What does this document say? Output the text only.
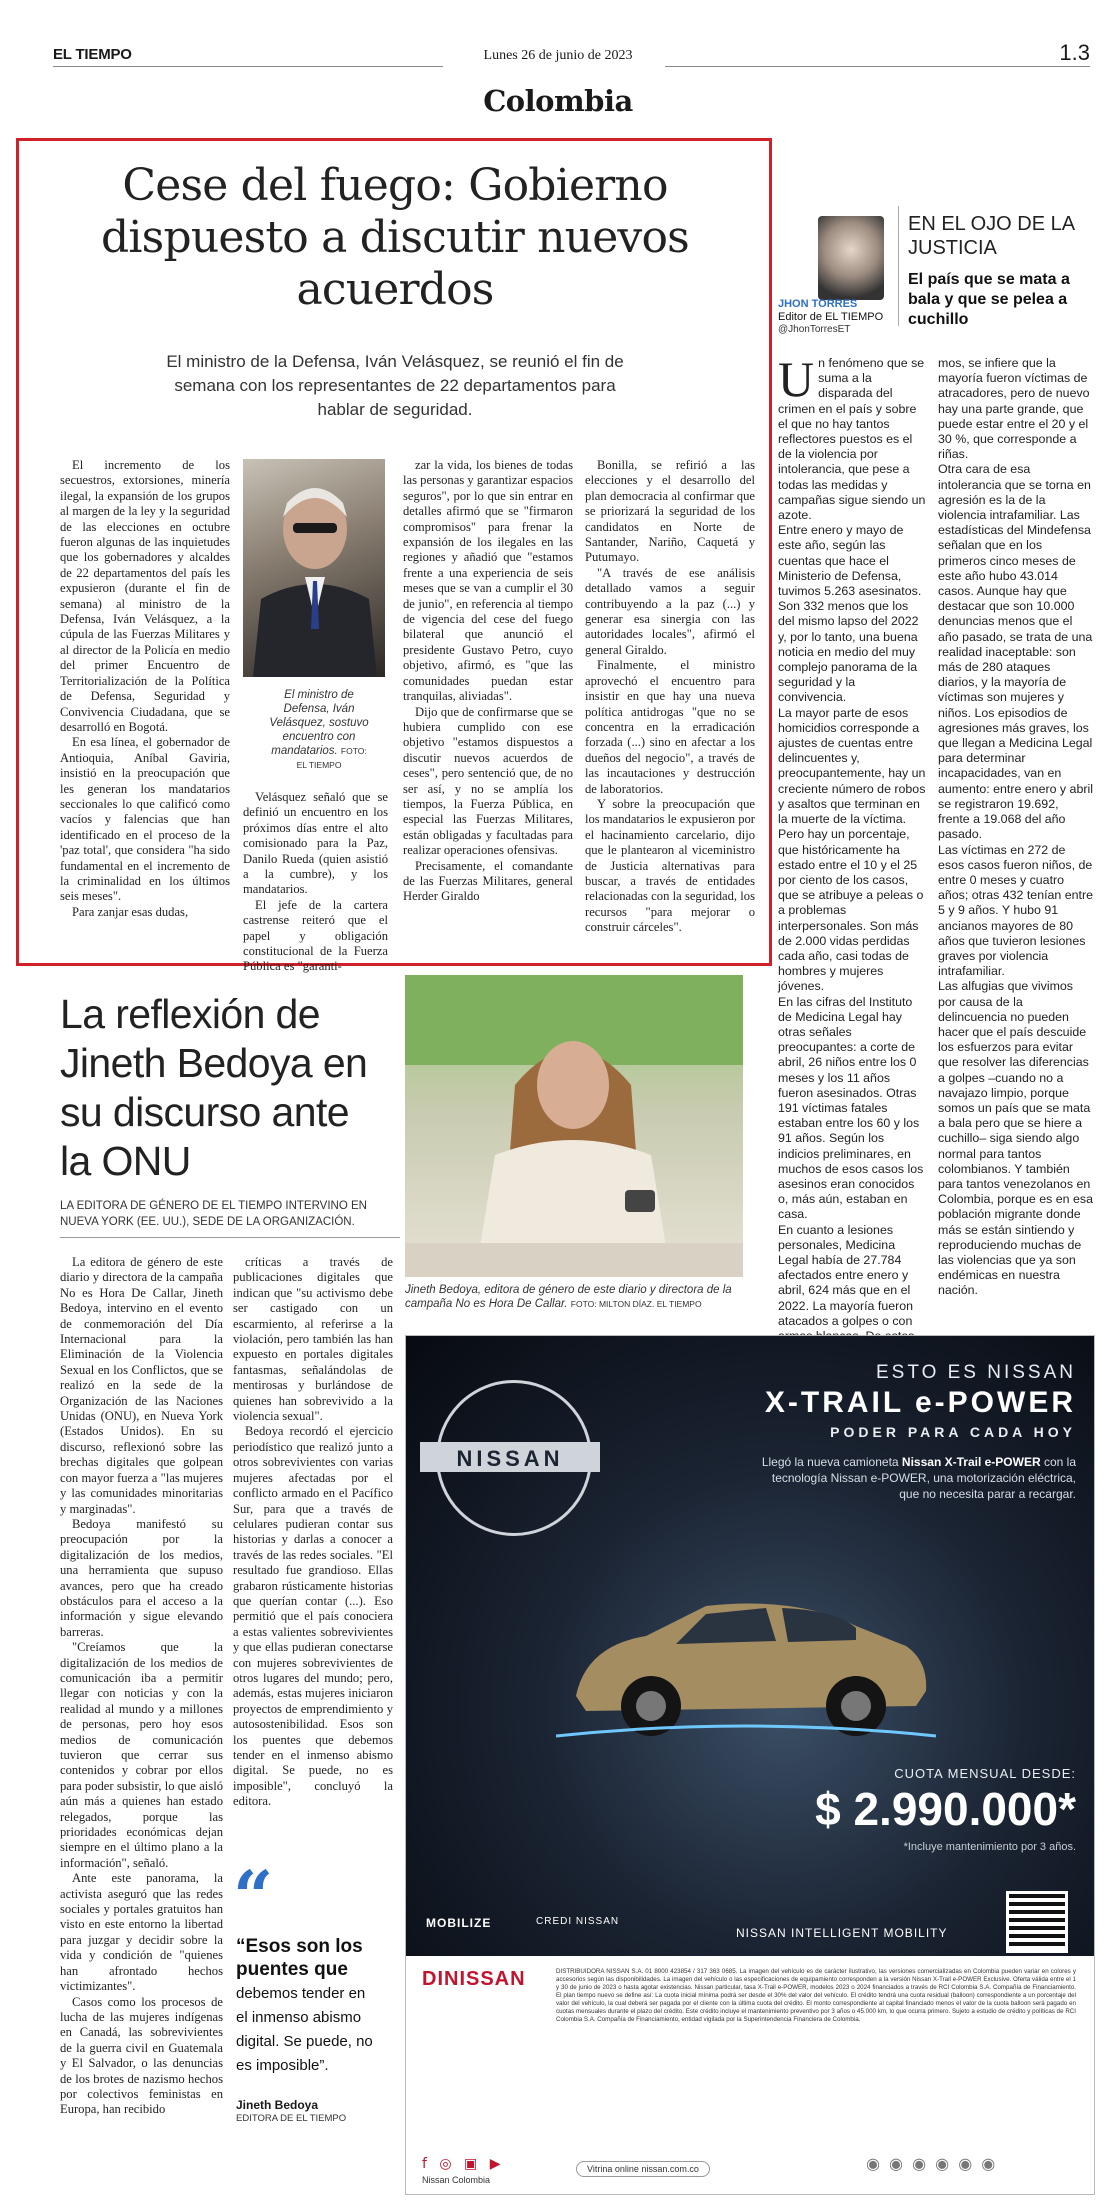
EL TIEMPO	Lunes 26 de junio de 2023	1.3
Colombia
Cese del fuego: Gobierno dispuesto a discutir nuevos acuerdos
El ministro de la Defensa, Iván Velásquez, se reunió el fin de semana con los representantes de 22 departamentos para hablar de seguridad.

El incremento de los secuestros, extorsiones, minería ilegal, la expansión de los grupos al margen de la ley y la seguridad de las elecciones en octubre fueron algunas de las inquietudes que los gobernadores y alcaldes de 22 departamentos del país les expusieron (durante el fin de semana) al ministro de la Defensa, Iván Velásquez, a la cúpula de las Fuerzas Militares y al director de la Policía en medio del primer Encuentro de Territorialización de la Política de Defensa, Seguridad y Convivencia Ciudadana, que se desarrolló en Bogotá.

En esa línea, el gobernador de Antioquia, Aníbal Gaviria, insistió en la preocupación que les generan los mandatarios seccionales lo que calificó como vacíos y falencias que han identificado en el proceso de la 'paz total', que considera "ha sido fundamental en el incremento de la criminalidad en los últimos seis meses".

Para zanjar esas dudas,

El ministro de Defensa, Iván Velásquez, sostuvo encuentro con mandatarios. FOTO: EL TIEMPO

Velásquez señaló que se definió un encuentro en los próximos días entre el alto comisionado para la Paz, Danilo Rueda (quien asistió a la cumbre), y los mandatarios.

El jefe de la cartera castrense reiteró que el papel y obligación constitucional de la Fuerza Pública es "garanti-

zar la vida, los bienes de todas las personas y garantizar espacios seguros", por lo que sin entrar en detalles afirmó que se "firmaron compromisos" para frenar la expansión de los ilegales en las regiones y añadió que "estamos frente a una experiencia de seis meses que se van a cumplir el 30 de junio", en referencia al tiempo de vigencia del cese del fuego bilateral que anunció el presidente Gustavo Petro, cuyo objetivo, afirmó, es "que las comunidades puedan estar tranquilas, aliviadas".

Dijo que de confirmarse que se hubiera cumplido con ese objetivo "estamos dispuestos a discutir nuevos acuerdos de ceses", pero sentenció que, de no ser así, y no se amplía los tiempos, la Fuerza Pública, en especial las Fuerzas Militares, están obligadas y facultadas para realizar operaciones ofensivas.

Precisamente, el comandante de las Fuerzas Militares, general Herder Giraldo

Bonilla, se refirió a las elecciones y el desarrollo del plan democracia al confirmar que se priorizará la seguridad de los candidatos en Norte de Santander, Nariño, Caquetá y Putumayo.

"A través de ese análisis detallado vamos a seguir contribuyendo a la paz (...) y generar esa sinergia con las autoridades locales", afirmó el general Giraldo.

Finalmente, el ministro aprovechó el encuentro para insistir en que hay una nueva política antidrogas "que no se concentra en la erradicación forzada (...) sino en afectar a los dueños del negocio", a través de las incautaciones y destrucción de laboratorios.

Y sobre la preocupación que los mandatarios le expusieron por el hacinamiento carcelario, dijo que le plantearon al viceministro de Justicia alternativas para buscar, a través de entidades relacionadas con la seguridad, los recursos "para mejorar o construir cárceles".

JHON TORRES
Editor de EL TIEMPO
@JhonTorresET
EN EL OJO DE LA JUSTICIA
El país que se mata a bala y que se pelea a cuchillo

Un fenómeno que se suma a la disparada del crimen en el país y sobre el que no hay tantos reflectores puestos es el de la violencia por intolerancia, que pese a todas las medidas y campañas sigue siendo un azote.

Entre enero y mayo de este año, según las cuentas que hace el Ministerio de Defensa, tuvimos 5.263 asesinatos. Son 332 menos que los del mismo lapso del 2022 y, por lo tanto, una buena noticia en medio del muy complejo panorama de la seguridad y la convivencia.

La mayor parte de esos homicidios corresponde a ajustes de cuentas entre delincuentes y, preocupantemente, hay un creciente número de robos y asaltos que terminan en la muerte de la víctima.

Pero hay un porcentaje, que históricamente ha estado entre el 10 y el 25 por ciento de los casos, que se atribuye a peleas o a problemas interpersonales. Son más de 2.000 vidas perdidas cada año, casi todas de hombres y mujeres jóvenes.

En las cifras del Instituto de Medicina Legal hay otras señales preocupantes: a corte de abril, 26 niños entre los 0 meses y los 11 años fueron asesinados. Otras 191 víctimas fatales estaban entre los 60 y los 91 años. Según los indicios preliminares, en muchos de esos casos los asesinos eran conocidos o, más aún, estaban en casa.

En cuanto a lesiones personales, Medicina Legal había de 27.784 afectados entre enero y abril, 624 más que en el 2022. La mayoría fueron atacados a golpes o con

mos, se infiere que la mayoría fueron víctimas de atracadores, pero de nuevo hay una parte grande, que puede estar entre el 20 y el 30 %, que corresponde a riñas.

Otra cara de esa intolerancia que se torna en agresión es la de la violencia intrafamiliar. Las estadísticas del Mindefensa señalan que en los primeros cinco meses de este año hubo 43.014 casos. Aunque hay que destacar que son 10.000 denuncias menos que el año pasado, se trata de una realidad inaceptable: son más de 280 ataques diarios, y la mayoría de víctimas son mujeres y niños. Los episodios de agresiones más graves, los que llegan a Medicina Legal para determinar incapacidades, van en aumento: entre enero y abril se registraron 19.692, frente a 19.068 del año pasado.

Las víctimas en 272 de esos casos fueron niños, de entre 0 meses y cuatro años; otras 432 tenían entre 5 y 9 años. Y hubo 91 ancianos mayores de 80 años que tuvieron lesiones graves por violencia intrafamiliar.

Las alfugias que vivimos por causa de la delincuencia no pueden hacer que el país descuide los esfuerzos para evitar que resolver las diferencias a golpes –cuando no a navajazo limpio, porque somos un país que se mata a bala pero que se hiere a cuchillo– siga siendo algo normal para tantos colombianos. Y también para tantos venezolanos en Colombia, porque es en esa población migrante donde más se están sintiendo y reproduciendo muchas de las violencias que ya son endémicas en nuestra nación.

La reflexión de Jineth Bedoya en su discurso ante la ONU
LA EDITORA DE GÉNERO DE EL TIEMPO INTERVINO EN NUEVA YORK (EE. UU.), SEDE DE LA ORGANIZACIÓN.
Jineth Bedoya, editora de género de este diario y directora de la campaña No es Hora De Callar. FOTO: MILTON DÍAZ. EL TIEMPO

La editora de género de este diario y directora de la campaña No es Hora De Callar, Jineth Bedoya, intervino en el evento de conmemoración del Día Internacional para la Eliminación de la Violencia Sexual en los Conflictos, que se realizó en la sede de la Organización de las Naciones Unidas (ONU), en Nueva York (Estados Unidos). En su discurso, reflexionó sobre las brechas digitales que golpean con mayor fuerza a "las mujeres y las comunidades minoritarias y marginadas".

Bedoya manifestó su preocupación por la digitalización de los medios, una herramienta que supuso avances, pero que ha creado obstáculos para el acceso a la información y sigue elevando barreras.

"Creíamos que la digitalización de los medios de comunicación iba a permitir llegar con noticias y con la realidad al mundo y a millones de personas, pero hoy esos medios de comunicación tuvieron que cerrar sus contenidos y cobrar por ellos para poder subsistir, lo que aisló aún más a quienes han estado relegados, porque las prioridades económicas dejan siempre en el último plano a la información", señaló.

Ante este panorama, la activista aseguró que las redes sociales y portales gratuitos han visto en este entorno la libertad para juzgar y decidir sobre la vida y condición de "quienes han afrontado hechos victimizantes".

Casos como los procesos de lucha de las mujeres indígenas en Canadá, las sobrevivientes de la guerra civil en Guatemala y El Salvador, o las denuncias de los brotes de nazismo hechos por colectivos feministas en Europa, han recibido

críticas a través de publicaciones digitales que indican que "su activismo debe ser castigado con un escarmiento, al referirse a la violación, pero también las han expuesto en portales digitales fantasmas, señalándolas de mentirosas y burlándose de quienes han sobrevivido a la violencia sexual".

Bedoya recordó el ejercicio periodístico que realizó junto a otros sobrevivientes con varias mujeres afectadas por el conflicto armado en el Pacífico Sur, para que a través de celulares pudieran contar sus historias y darlas a conocer a través de las redes sociales. "El resultado fue grandioso. Ellas grabaron rústicamente historias que querían contar (...). Eso permitió que el país conociera a estas valientes sobrevivientes y que ellas pudieran conectarse con mujeres sobrevivientes de otros lugares del mundo; pero, además, estas mujeres iniciaron proyectos de emprendimiento y autosostenibilidad. Esos son los puentes que debemos tender en el inmenso abismo digital. Se puede, no es imposible", concluyó la editora.

“
“Esos son los puentes que debemos tender en el inmenso abismo digital. Se puede, no es imposible”.
Jineth Bedoya
EDITORA DE EL TIEMPO
NISSAN
ESTO ES NISSAN
X-TRAIL e-POWER
PODER PARA CADA HOY
Llegó la nueva camioneta Nissan X-Trail e-POWER con la tecnología Nissan e-POWER, una motorización eléctrica, que no necesita parar a recargar.
CUOTA MENSUAL DESDE:
$ 2.990.000*
*Incluye mantenimiento por 3 años.
MOBILIZE	CREDI NISSAN
NISSAN INTELLIGENT MOBILITY
DINISSAN	DISTRIBUIDORA NISSAN S.A. 01 8000 423854 / 317 363 0685. La imagen del vehículo es de carácter ilustrativo, las versiones comercializadas en Colombia pueden variar en colores y accesorios según las disponibilidades. La imagen del vehículo o las especificaciones de equipamiento corresponden a la versión Nissan X-Trail e-POWER Exclusive. Oferta válida entre el 1 y 30 de junio de 2023 o hasta agotar existencias. Nissan particular, tasa X-Trail e-POWER, modelos 2023 o 2024 financiados a través de RCI Colombia S.A. Compañía de Financiamiento. El plan tiempo nuevo se define así: La cuota inicial mínima podrá ser desde el 30% del valor del vehículo. El crédito tendrá una cuota residual (balloon) correspondiente a un porcentaje del valor del vehículo, la cual deberá ser pagada por el cliente con la última cuota del crédito. El monto correspondiente al capital financiado menos el valor de la cuota balloon será pagado en cuotas mensuales durante el plazo del crédito. Este crédito incluye el mantenimiento preventivo por 3 años o 45.000 km, lo que ocurra primero. Sujeto a estudio de crédito y políticas de RCI Colombia S.A. Compañía de Financiamiento, entidad vigilada por la Superintendencia Financiera de Colombia.
f ◎ ▣ ▶
Nissan Colombia
Vitrina online nissan.com.co	◉ ◉ ◉ ◉ ◉ ◉
